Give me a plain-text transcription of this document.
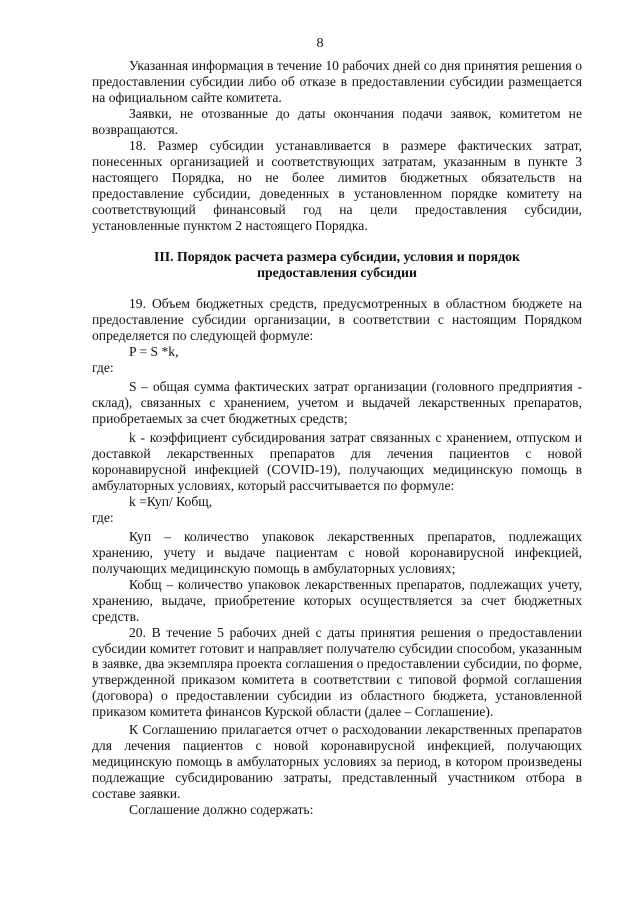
8

Указанная информация в течение 10 рабочих дней со дня принятия решения о предоставлении субсидии либо об отказе в предоставлении субсидии размещается на официальном сайте комитета.

Заявки, не отозванные до даты окончания подачи заявок, комитетом не возвращаются.

18. Размер субсидии устанавливается в размере фактических затрат, понесенных организацией и соответствующих затратам, указанным в пункте 3 настоящего Порядка, но не более лимитов бюджетных обязательств на предоставление субсидии, доведенных в установленном порядке комитету на соответствующий финансовый год на цели предоставления субсидии, установленные пунктом 2 настоящего Порядка.

III. Порядок расчета размера субсидии, условия и порядок предоставления субсидии

19. Объем бюджетных средств, предусмотренных в областном бюджете на предоставление субсидии организации, в соответствии с настоящим Порядком определяется по следующей формуле:

P = S *k,

где:

S – общая сумма фактических затрат организации (головного предприятия - склад), связанных с хранением, учетом и выдачей лекарственных препаратов, приобретаемых за счет бюджетных средств;

k - коэффициент субсидирования затрат связанных с хранением, отпуском и доставкой лекарственных препаратов для лечения пациентов с новой коронавирусной инфекцией (COVID-19), получающих медицинскую помощь в амбулаторных условиях, который рассчитывается по формуле:

k =Куп/ Кобщ,

где:

Куп – количество упаковок лекарственных препаратов, подлежащих хранению, учету и выдаче пациентам с новой коронавирусной инфекцией, получающих медицинскую помощь в амбулаторных условиях;

Кобщ – количество упаковок лекарственных препаратов, подлежащих учету, хранению, выдаче, приобретение которых осуществляется за счет бюджетных средств.

20. В течение 5 рабочих дней с даты принятия решения о предоставлении субсидии комитет готовит и направляет получателю субсидии способом, указанным в заявке, два экземпляра проекта соглашения о предоставлении субсидии, по форме, утвержденной приказом комитета в соответствии с типовой формой соглашения (договора) о предоставлении субсидии из областного бюджета, установленной приказом комитета финансов Курской области (далее – Соглашение).

К Соглашению прилагается отчет о расходовании лекарственных препаратов для лечения пациентов с новой коронавирусной инфекцией, получающих медицинскую помощь в амбулаторных условиях за период, в котором произведены подлежащие субсидированию затраты, представленный участником отбора в составе заявки.

Соглашение должно содержать:
